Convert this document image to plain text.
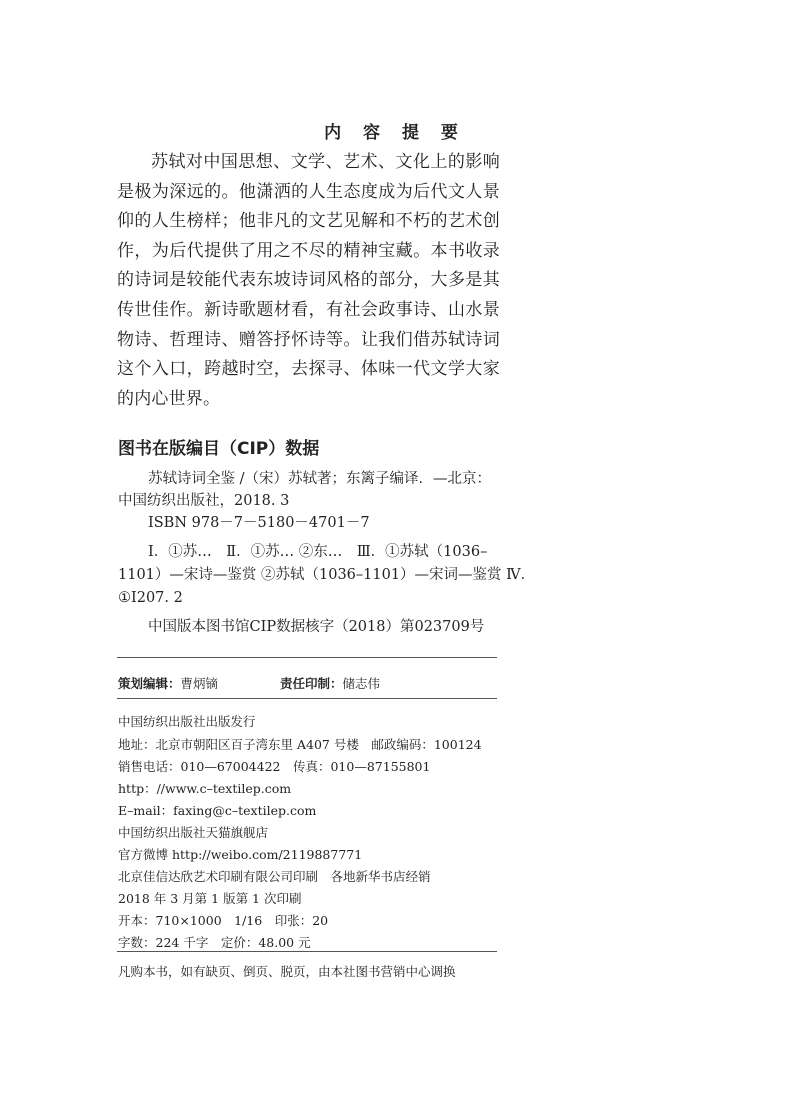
内 容 提 要

苏轼对中国思想、文学、艺术、文化上的影响是极为深远的。他潇洒的人生态度成为后代文人景仰的人生榜样；他非凡的文艺见解和不朽的艺术创作，为后代提供了用之不尽的精神宝藏。本书收录的诗词是较能代表东坡诗词风格的部分，大多是其传世佳作。新诗歌题材看，有社会政事诗、山水景物诗、哲理诗、赠答抒怀诗等。让我们借苏轼诗词这个入口，跨越时空，去探寻、体味一代文学大家的内心世界。

图书在版编目（CIP）数据
苏轼诗词全鉴 /（宋）苏轼著；东篱子编译．—北京：
中国纺织出版社，2018. 3
ISBN 978－7－5180－4701－7
Ⅰ．①苏…　Ⅱ．①苏… ②东…　Ⅲ．①苏轼（1036–
1101）—宋诗—鉴赏 ②苏轼（1036–1101）—宋词—鉴赏 Ⅳ．
①I207. 2
中国版本图书馆CIP数据核字（2018）第023709号
策划编辑：曹炳镝	责任印制：储志伟
中国纺织出版社出版发行
地址：北京市朝阳区百子湾东里 A407 号楼　邮政编码：100124
销售电话：010—67004422　传真：010—87155801
http：//www.c–textilep.com
E–mail：faxing@c–textilep.com
中国纺织出版社天猫旗舰店
官方微博 http://weibo.com/2119887771
北京佳信达欣艺术印刷有限公司印刷　各地新华书店经销
2018 年 3 月第 1 版第 1 次印刷
开本：710×1000　1/16　印张：20
字数：224 千字　定价：48.00 元
凡购本书，如有缺页、倒页、脱页，由本社图书营销中心调换
